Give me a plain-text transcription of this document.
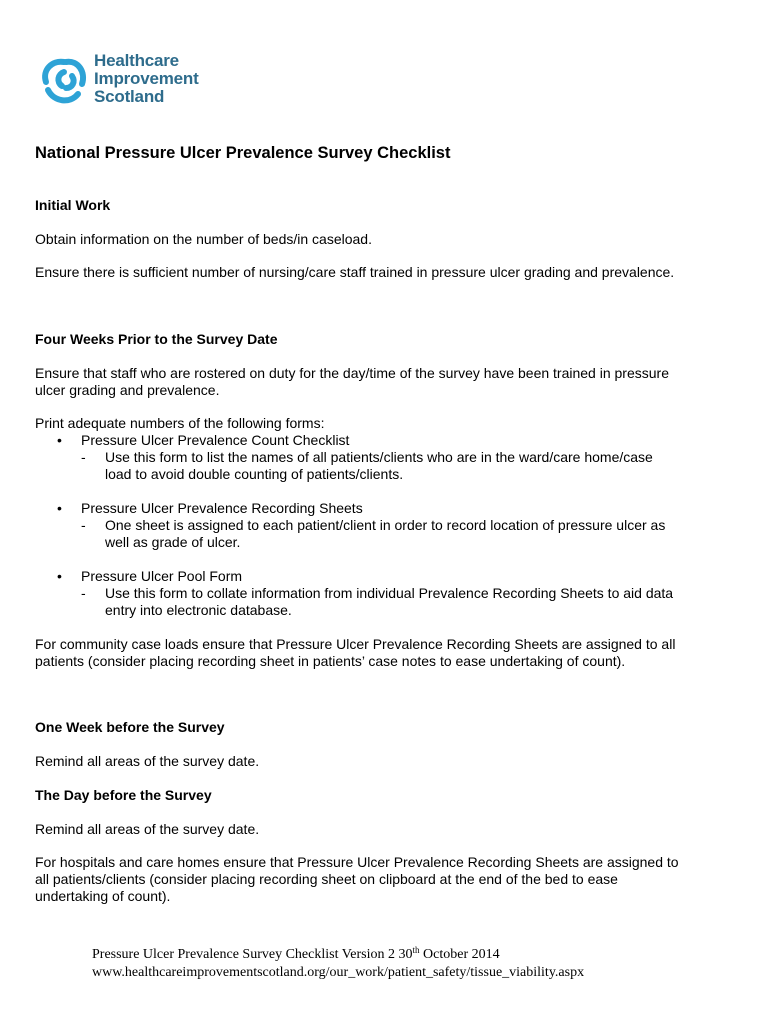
Healthcare
Improvement
Scotland
National Pressure Ulcer Prevalence Survey Checklist
Initial Work
Obtain information on the number of beds/in caseload.
Ensure there is sufficient number of nursing/care staff trained in pressure ulcer grading and prevalence.
Four Weeks Prior to the Survey Date
Ensure that staff who are rostered on duty for the day/time of the survey have been trained in pressure ulcer grading and prevalence.
Print adequate numbers of the following forms:
• Pressure Ulcer Prevalence Count Checklist
- Use this form to list the names of all patients/clients who are in the ward/care home/case load to avoid double counting of patients/clients.
• Pressure Ulcer Prevalence Recording Sheets
- One sheet is assigned to each patient/client in order to record location of pressure ulcer as well as grade of ulcer.
• Pressure Ulcer Pool Form
- Use this form to collate information from individual Prevalence Recording Sheets to aid data entry into electronic database.
For community case loads ensure that Pressure Ulcer Prevalence Recording Sheets are assigned to all patients (consider placing recording sheet in patients’ case notes to ease undertaking of count).
One Week before the Survey
Remind all areas of the survey date.
The Day before the Survey
Remind all areas of the survey date.
For hospitals and care homes ensure that Pressure Ulcer Prevalence Recording Sheets are assigned to all patients/clients (consider placing recording sheet on clipboard at the end of the bed to ease undertaking of count).
Pressure Ulcer Prevalence Survey Checklist Version 2 30th October 2014
www.healthcareimprovementscotland.org/our_work/patient_safety/tissue_viability.aspx
